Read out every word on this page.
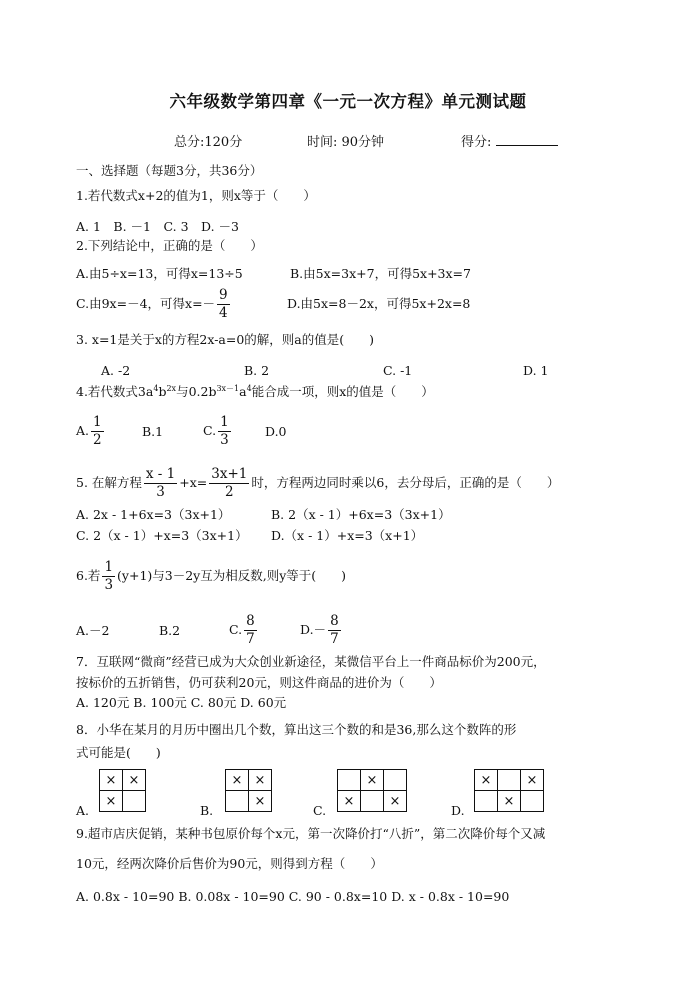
六年级数学第四章《一元一次方程》单元测试题
总分:120分	时间: 90分钟	得分:
一、选择题（每题3分，共36分）
1.若代数式x+2的值为1，则x等于（　　）
A. 1　B. －1　C. 3　D. －3
2.下列结论中，正确的是（　　）
A.由5÷x=13，可得x=13÷5	B.由5x=3x+7，可得5x+3x=7
C.由9x=－4，可得$x=- \frac{9}{4}$	D.由5x=8－2x，可得5x+2x=8
3. x=1是关于x的方程2x-a=0的解，则a的值是(　　)
A. -2	B. 2	C. -1	D. 1
4.若代数式$3a^4b^{2x}$与$0.2b^{3x-1}a^4$能合成一项，则x的值是（　　）
A. $\frac{1}{2}$	B.1	C. $\frac{1}{3}$	D.0
5. 在解方程 $\frac{x - 1}{3} +x= \frac{3x+1}{2}$ 时，方程两边同时乘以6，去分母后，正确的是（　　）
A. 2x - 1+6x=3（3x+1）	B. 2（x - 1）+6x=3（3x+1）
C. 2（x - 1）+x=3（3x+1） D.（x - 1）+x=3（x+1）
6.若 $\frac{1}{3} (y+1)$与3－2y互为相反数,则y等于(　　)
A.－2	B.2	C. $\frac{8}{7}$	$D.- \frac{8}{7}$
7．互联网“微商”经营已成为大众创业新途径，某微信平台上一件商品标价为200元，
按标价的五折销售，仍可获利20元，则这件商品的进价为（　　）
A. 120元 B. 100元 C. 80元 D. 60元
8．小华在某月的月历中圈出几个数，算出这三个数的和是36,那么这个数阵的形
式可能是(　　)
A.
×	×
×	
B.
×	×
	×
C.
	×	
×		×
D.
×		×
	×	
9.超市店庆促销，某种书包原价每个x元，第一次降价打“八折”，第二次降价每个又减
10元，经两次降价后售价为90元，则得到方程（　　）
A. 0.8x - 10=90 B. 0.08x - 10=90 C. 90 - 0.8x=10 D. x - 0.8x - 10=90
